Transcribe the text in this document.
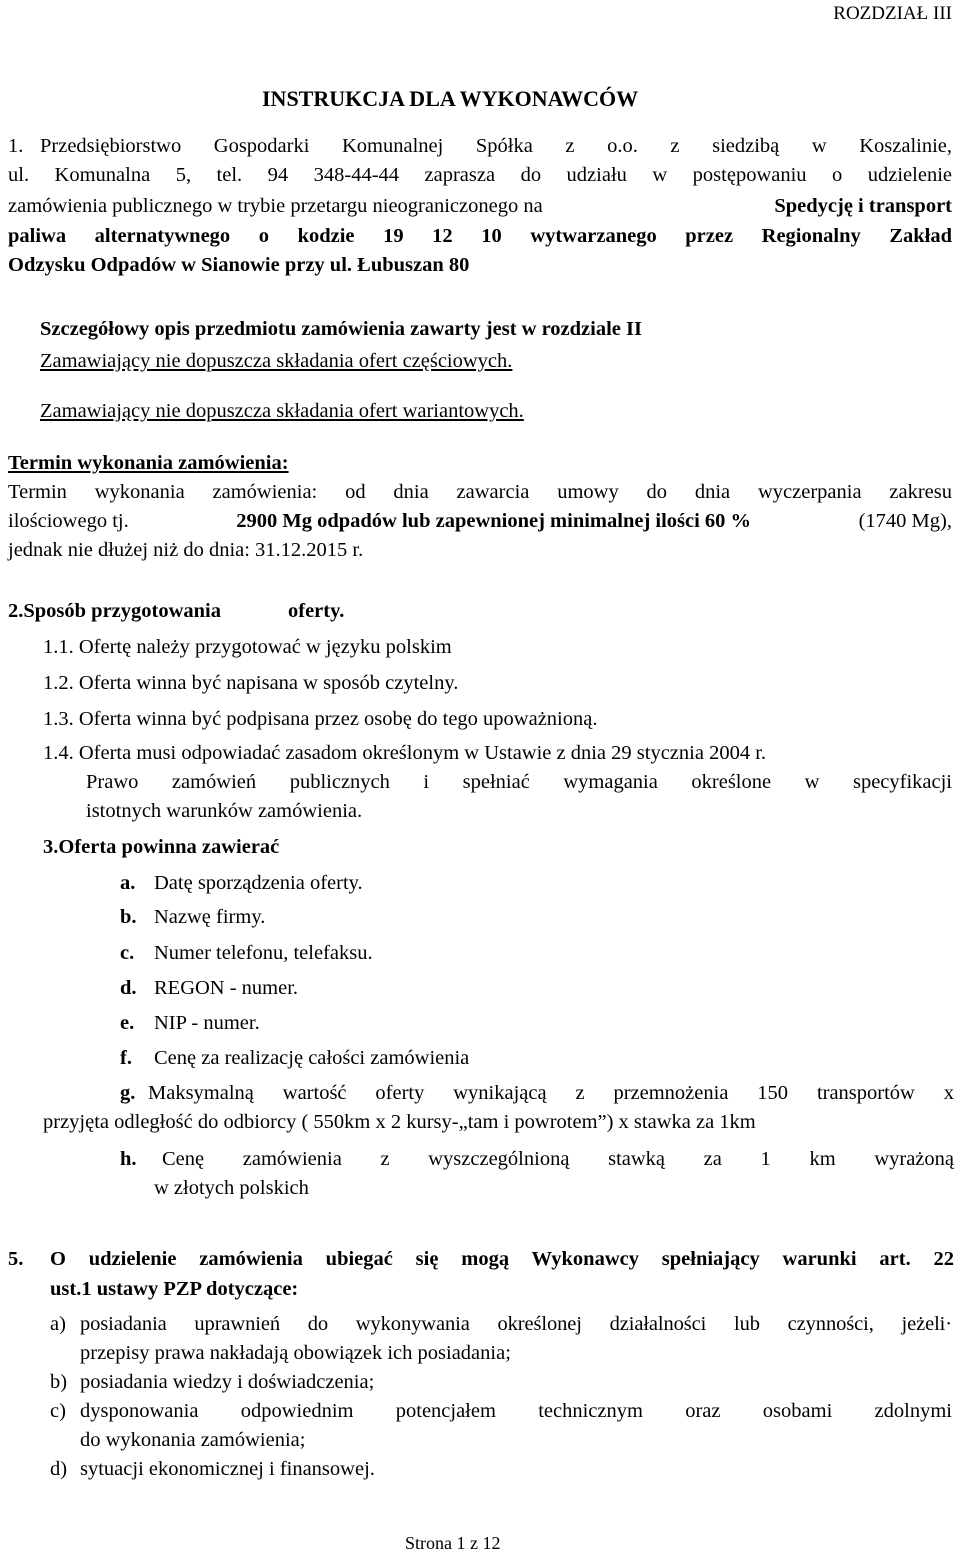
ROZDZIAŁ III
INSTRUKCJA DLA WYKONAWCÓW
1. Przedsiębiorstwo Gospodarki Komunalnej Spółka z o.o. z siedzibą w Koszalinie,
ul. Komunalna 5, tel. 94 348-44-44 zaprasza do udziału w postępowaniu o udzielenie
zamówienia publicznego w trybie przetargu nieograniczonego na	Spedycję i transport
paliwa alternatywnego o kodzie 19 12 10 wytwarzanego przez Regionalny Zakład
Odzysku Odpadów w Sianowie przy ul. Łubuszan 80
Szczegółowy opis przedmiotu zamówienia zawarty jest w rozdziale II
Zamawiający nie dopuszcza składania ofert częściowych.
Zamawiający nie dopuszcza składania ofert wariantowych.
Termin wykonania zamówienia:
Termin wykonania zamówienia: od dnia zawarcia umowy do dnia wyczerpania zakresu
ilościowego tj.	2900 Mg odpadów lub zapewnionej minimalnej ilości 60 %	(1740 Mg),
jednak nie dłużej niż do dnia: 31.12.2015 r.
2.Sposób przygotowania	oferty.
1.1. Ofertę należy przygotować w języku polskim
1.2. Oferta winna być napisana w sposób czytelny.
1.3. Oferta winna być podpisana przez osobę do tego upoważnioną.
1.4. Oferta musi odpowiadać zasadom określonym w Ustawie z dnia 29 stycznia 2004 r.
Prawo zamówień publicznych i spełniać wymagania określone w specyfikacji
istotnych warunków zamówienia.
3.Oferta powinna zawierać
a. Datę sporządzenia oferty.
b. Nazwę firmy.
c. Numer telefonu, telefaksu.
d. REGON - numer.
e. NIP - numer.
f. Cenę za realizację całości zamówienia
g. Maksymalną wartość oferty wynikającą z przemnożenia 150 transportów x
przyjęta odległość do odbiorcy ( 550km x 2 kursy-„tam i powrotem”) x stawka za 1km
h. Cenę zamówienia z wyszczególnioną stawką za 1 km wyrażoną
w złotych polskich
5. O udzielenie zamówienia ubiegać się mogą Wykonawcy spełniający warunki art. 22
ust.1 ustawy PZP dotyczące:
a) posiadania uprawnień do wykonywania określonej działalności lub czynności, jeżeli·
przepisy prawa nakładają obowiązek ich posiadania;
b) posiadania wiedzy i doświadczenia;
c) dysponowania odpowiednim potencjałem technicznym oraz osobami zdolnymi
do wykonania zamówienia;
d) sytuacji ekonomicznej i finansowej.
Strona 1 z 12
